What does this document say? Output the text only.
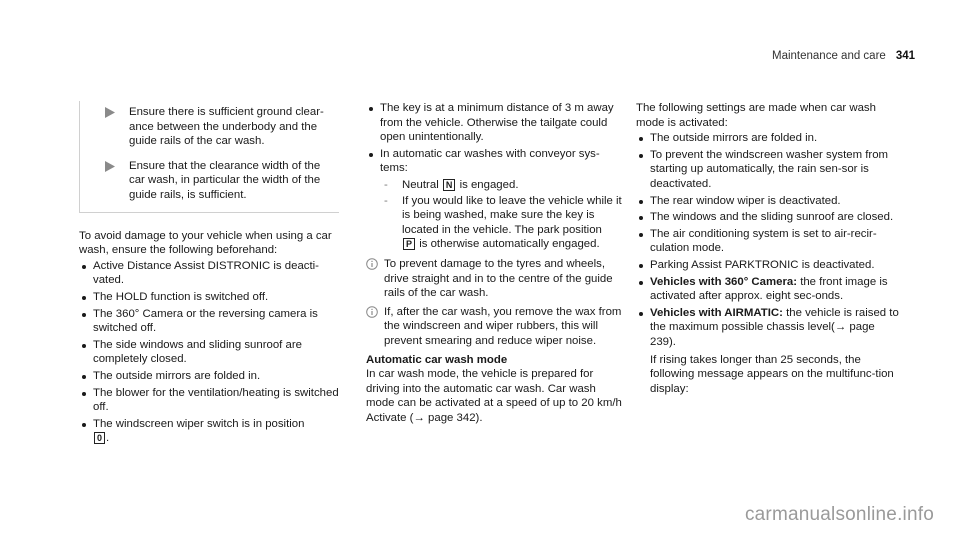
Maintenance and care 341
Ensure there is sufficient ground clear-ance between the underbody and the guide rails of the car wash.
Ensure that the clearance width of the car wash, in particular the width of the guide rails, is sufficient.

To avoid damage to your vehicle when using a car wash, ensure the following beforehand:

Active Distance Assist DISTRONIC is deacti-vated.
The HOLD function is switched off.
The 360° Camera or the reversing camera is switched off.
The side windows and sliding sunroof are completely closed.
The outside mirrors are folded in.
The blower for the ventilation/heating is switched off.
The windscreen wiper switch is in position
0 .
The key is at a minimum distance of 3 m away from the vehicle. Otherwise the tailgate could open unintentionally.
In automatic car washes with conveyor sys-tems:
-	Neutral N is engaged.
-	If you would like to leave the vehicle while it is being washed, make sure the key is located in the vehicle. The park position
P is otherwise automatically engaged.
To prevent damage to the tyres and wheels, drive straight and in to the centre of the guide rails of the car wash.
If, after the car wash, you remove the wax from the windscreen and wiper rubbers, this will prevent smearing and reduce wiper noise.
Automatic car wash mode

In car wash mode, the vehicle is prepared for driving into the automatic car wash. Car wash mode can be activated at a speed of up to 20 km/h Activate (→ page 342).

The following settings are made when car wash mode is activated:

The outside mirrors are folded in.
To prevent the windscreen washer system from starting up automatically, the rain sen-sor is deactivated.
The rear window wiper is deactivated.
The windows and the sliding sunroof are closed.
The air conditioning system is set to air-recir-culation mode.
Parking Assist PARKTRONIC is deactivated.
Vehicles with 360° Camera: the front image is activated after approx. eight sec-onds.
Vehicles with AIRMATIC: the vehicle is raised to the maximum possible chassis level(→ page 239).
If rising takes longer than 25 seconds, the following message appears on the multifunc-tion display:
carmanualsonline.info
